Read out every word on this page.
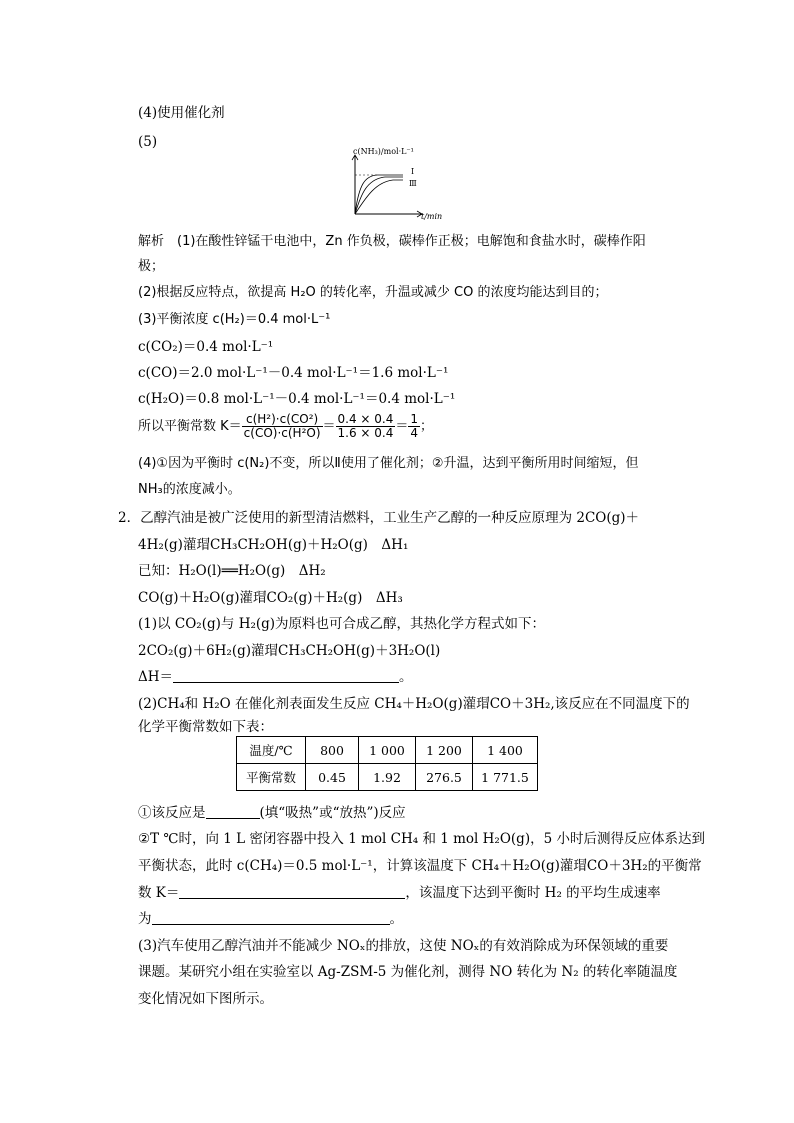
(4)使用催化剂
(5)
c(NH₃)/mol·L⁻¹
t/min
Ⅰ
Ⅲ
解析　(1)在酸性锌锰干电池中，Zn 作负极，碳棒作正极；电解饱和食盐水时，碳棒作阳
极；
(2)根据反应特点，欲提高 H₂O 的转化率，升温或减少 CO 的浓度均能达到目的；
(3)平衡浓度 c(H₂)＝0.4 mol·L⁻¹
c(CO₂)＝0.4 mol·L⁻¹
c(CO)＝2.0 mol·L⁻¹－0.4 mol·L⁻¹＝1.6 mol·L⁻¹
c(H₂O)＝0.8 mol·L⁻¹－0.4 mol·L⁻¹＝0.4 mol·L⁻¹
所以平衡常数 $K= \frac{\text{c(H²)·c(CO²)}}{\text{c(CO)·c(H²O)}} = \frac{0.4 \times 0.4}{1.6 \times 0.4} = \frac{1}{4}$ ；
(4)①因为平衡时 c(N₂)不变，所以Ⅱ使用了催化剂；②升温，达到平衡所用时间缩短，但
NH₃的浓度减小。
2．乙醇汽油是被广泛使用的新型清洁燃料，工业生产乙醇的一种反应原理为 2CO(g)＋
4H₂(g)灌瑁CH₃CH₂OH(g)＋H₂O(g)　ΔH₁
已知：H₂O(l)══H₂O(g)　ΔH₂
CO(g)＋H₂O(g)灌瑁CO₂(g)＋H₂(g)　ΔH₃
(1)以 CO₂(g)与 H₂(g)为原料也可合成乙醇，其热化学方程式如下：
2CO₂(g)＋6H₂(g)灌瑁CH₃CH₂OH(g)＋3H₂O(l)
ΔH＝	。
(2)CH₄和 H₂O 在催化剂表面发生反应 CH₄＋H₂O(g)灌瑁CO＋3H₂,该反应在不同温度下的
化学平衡常数如下表：
温度/℃	800	1 000	1 200	1 400
平衡常数	0.45	1.92	276.5	1 771.5
①该反应是	(填“吸热”或“放热”)反应
②T ℃时，向 1 L 密闭容器中投入 1 mol CH₄ 和 1 mol H₂O(g)，5 小时后测得反应体系达到
平衡状态，此时 c(CH₄)＝0.5 mol·L⁻¹，计算该温度下 CH₄＋H₂O(g)灌瑁CO＋3H₂的平衡常
数 K＝	，该温度下达到平衡时 H₂ 的平均生成速率
为	。
(3)汽车使用乙醇汽油并不能减少 NOₓ的排放，这使 NOₓ的有效消除成为环保领域的重要
课题。某研究小组在实验室以 Ag-ZSM-5 为催化剂，测得 NO 转化为 N₂ 的转化率随温度
变化情况如下图所示。
